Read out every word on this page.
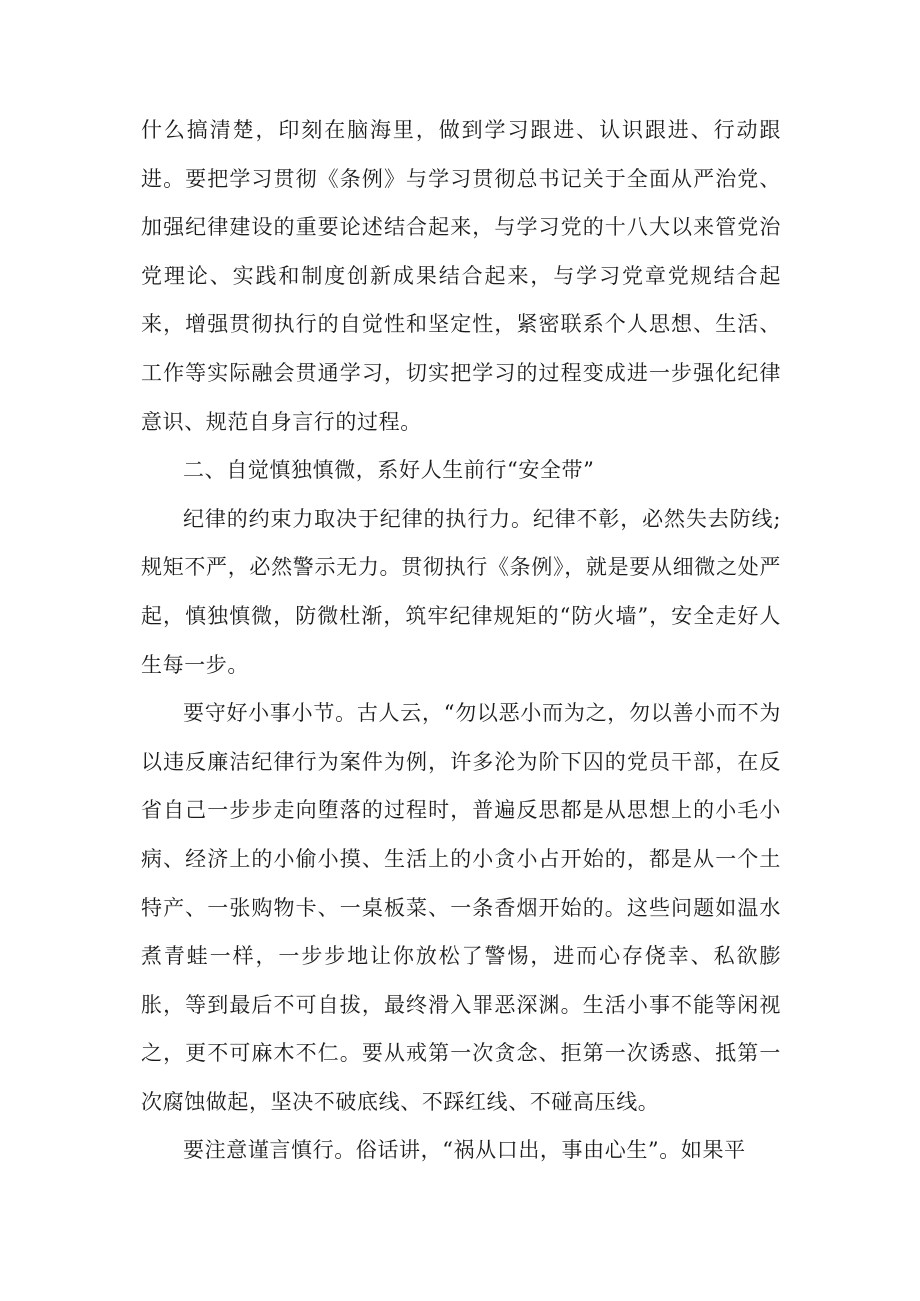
什么搞清楚，印刻在脑海里，做到学习跟进、认识跟进、行动跟进。要把学习贯彻《条例》与学习贯彻总书记关于全面从严治党、加强纪律建设的重要论述结合起来，与学习党的十八大以来管党治党理论、实践和制度创新成果结合起来，与学习党章党规结合起来，增强贯彻执行的自觉性和坚定性，紧密联系个人思想、生活、工作等实际融会贯通学习，切实把学习的过程变成进一步强化纪律意识、规范自身言行的过程。

二、自觉慎独慎微，系好人生前行“安全带”

纪律的约束力取决于纪律的执行力。纪律不彰，必然失去防线;规矩不严，必然警示无力。贯彻执行《条例》，就是要从细微之处严起，慎独慎微，防微杜渐，筑牢纪律规矩的“防火墙”，安全走好人生每一步。

要守好小事小节。古人云，“勿以恶小而为之，勿以善小而不为以违反廉洁纪律行为案件为例，许多沦为阶下囚的党员干部，在反省自己一步步走向堕落的过程时，普遍反思都是从思想上的小毛小病、经济上的小偷小摸、生活上的小贪小占开始的，都是从一个土特产、一张购物卡、一桌板菜、一条香烟开始的。这些问题如温水煮青蛙一样，一步步地让你放松了警惕，进而心存侥幸、私欲膨胀，等到最后不可自拔，最终滑入罪恶深渊。生活小事不能等闲视之，更不可麻木不仁。要从戒第一次贪念、拒第一次诱惑、抵第一次腐蚀做起，坚决不破底线、不踩红线、不碰高压线。

要注意谨言慎行。俗话讲，“祸从口出，事由心生”。如果平
